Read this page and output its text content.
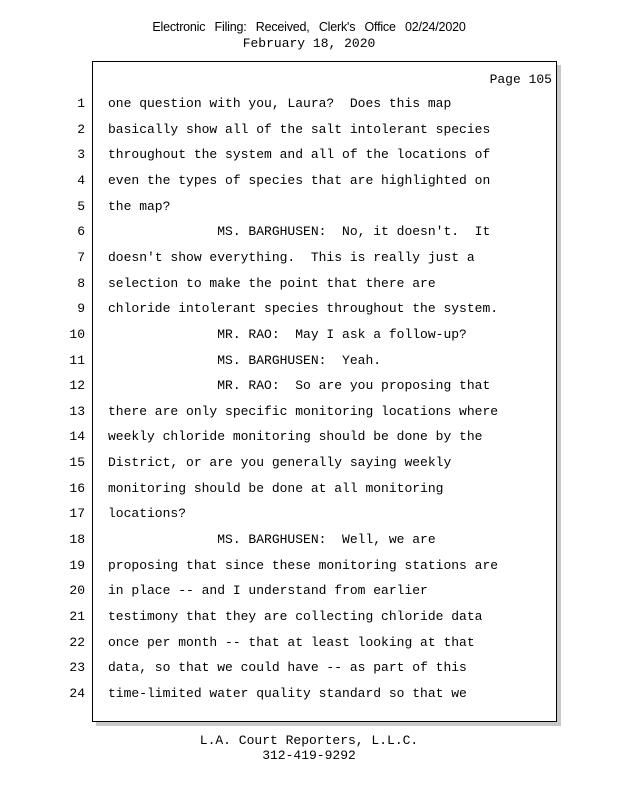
Electronic Filing: Received, Clerk's Office 02/24/2020
February 18, 2020
Page 105
1 one question with you, Laura?  Does this map
2 basically show all of the salt intolerant species
3 throughout the system and all of the locations of
4 even the types of species that are highlighted on
5 the map?
6 MS. BARGHUSEN:  No, it doesn't.  It
7 doesn't show everything.  This is really just a
8 selection to make the point that there are
9 chloride intolerant species throughout the system.
10 MR. RAO:  May I ask a follow-up?
11 MS. BARGHUSEN:  Yeah.
12 MR. RAO:  So are you proposing that
13 there are only specific monitoring locations where
14 weekly chloride monitoring should be done by the
15 District, or are you generally saying weekly
16 monitoring should be done at all monitoring
17 locations?
18 MS. BARGHUSEN:  Well, we are
19 proposing that since these monitoring stations are
20 in place -- and I understand from earlier
21 testimony that they are collecting chloride data
22 once per month -- that at least looking at that
23 data, so that we could have -- as part of this
24 time-limited water quality standard so that we
L.A. Court Reporters, L.L.C.
312-419-9292
